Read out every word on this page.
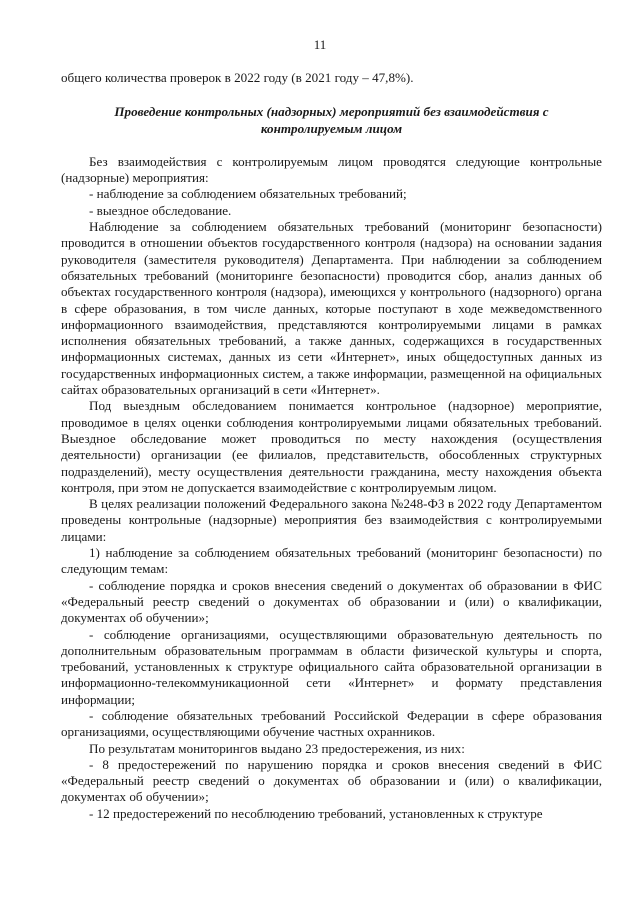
11

общего количества проверок в 2022 году (в 2021 году – 47,8%).

Проведение контрольных (надзорных) мероприятий без взаимодействия с контролируемым лицом

Без взаимодействия с контролируемым лицом проводятся следующие контрольные (надзорные) мероприятия:

- наблюдение за соблюдением обязательных требований;

- выездное обследование.

Наблюдение за соблюдением обязательных требований (мониторинг безопасности) проводится в отношении объектов государственного контроля (надзора) на основании задания руководителя (заместителя руководителя) Департамента. При наблюдении за соблюдением обязательных требований (мониторинге безопасности) проводится сбор, анализ данных об объектах государственного контроля (надзора), имеющихся у контрольного (надзорного) органа в сфере образования, в том числе данных, которые поступают в ходе межведомственного информационного взаимодействия, представляются контролируемыми лицами в рамках исполнения обязательных требований, а также данных, содержащихся в государственных информационных системах, данных из сети «Интернет», иных общедоступных данных из государственных информационных систем, а также информации, размещенной на официальных сайтах образовательных организаций в сети «Интернет».

Под выездным обследованием понимается контрольное (надзорное) мероприятие, проводимое в целях оценки соблюдения контролируемыми лицами обязательных требований. Выездное обследование может проводиться по месту нахождения (осуществления деятельности) организации (ее филиалов, представительств, обособленных структурных подразделений), месту осуществления деятельности гражданина, месту нахождения объекта контроля, при этом не допускается взаимодействие с контролируемым лицом.

В целях реализации положений Федерального закона №248-ФЗ в 2022 году Департаментом проведены контрольные (надзорные) мероприятия без взаимодействия с контролируемыми лицами:

1) наблюдение за соблюдением обязательных требований (мониторинг безопасности) по следующим темам:

- соблюдение порядка и сроков внесения сведений о документах об образовании в ФИС «Федеральный реестр сведений о документах об образовании и (или) о квалификации, документах об обучении»;

- соблюдение организациями, осуществляющими образовательную деятельность по дополнительным образовательным программам в области физической культуры и спорта, требований, установленных к структуре официального сайта образовательной организации в информационно-телекоммуникационной сети «Интернет» и формату представления информации;

- соблюдение обязательных требований Российской Федерации в сфере образования организациями, осуществляющими обучение частных охранников.

По результатам мониторингов выдано 23 предостережения, из них:

- 8 предостережений по нарушению порядка и сроков внесения сведений в ФИС «Федеральный реестр сведений о документах об образовании и (или) о квалификации, документах об обучении»;

- 12 предостережений по несоблюдению требований, установленных к структуре
